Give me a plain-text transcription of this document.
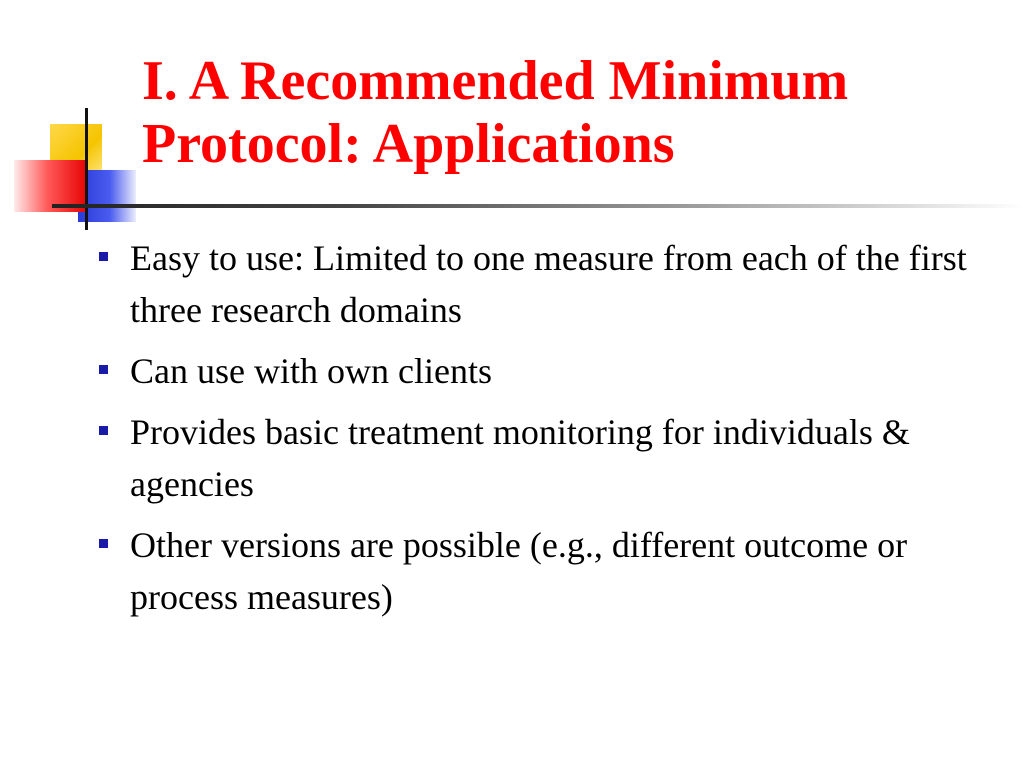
I. A Recommended Minimum Protocol: Applications
Easy to use: Limited to one measure from each of the first three research domains
Can use with own clients
Provides basic treatment monitoring for individuals & agencies
Other versions are possible (e.g., different outcome or process measures)
